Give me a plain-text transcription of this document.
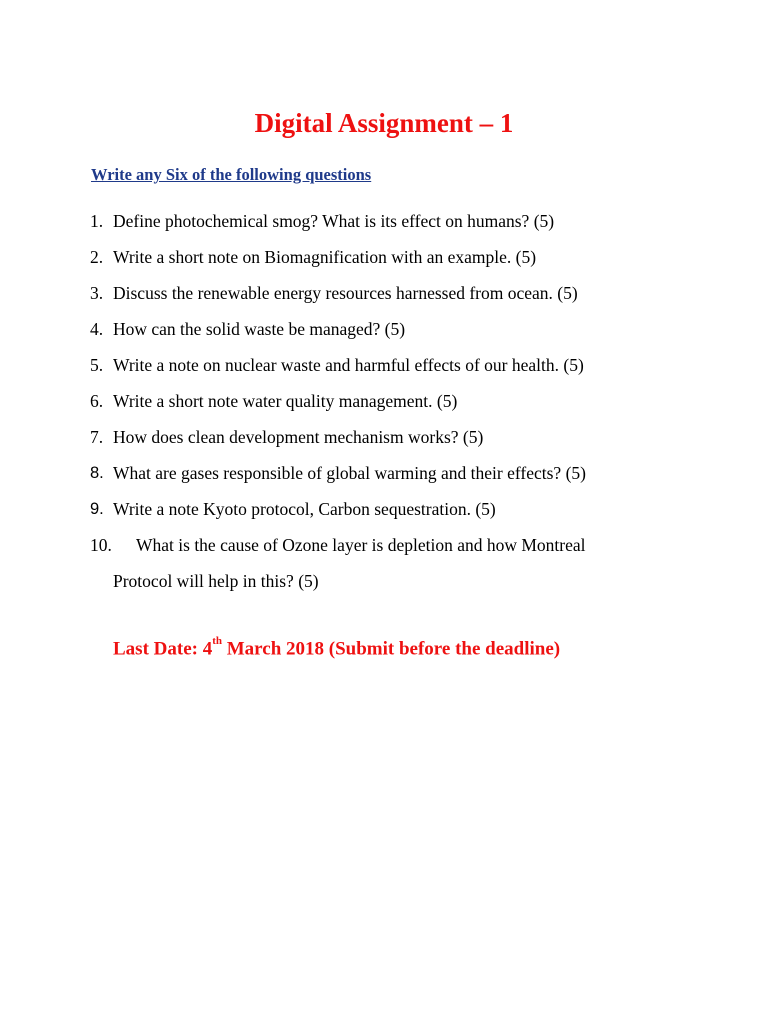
Digital Assignment – 1
Write any Six of the following questions
1. Define photochemical smog? What is its effect on humans? (5)
2. Write a short note on Biomagnification with an example. (5)
3. Discuss the renewable energy resources harnessed from ocean. (5)
4. How can the solid waste be managed? (5)
5. Write a note on nuclear waste and harmful effects of our health. (5)
6. Write a short note water quality management. (5)
7. How does clean development mechanism works? (5)
8. What are gases responsible of global warming and their effects? (5)
9. Write a note Kyoto protocol, Carbon sequestration. (5)
10. What is the cause of Ozone layer is depletion and how Montreal
Protocol will help in this? (5)
Last Date: 4th March 2018 (Submit before the deadline)
